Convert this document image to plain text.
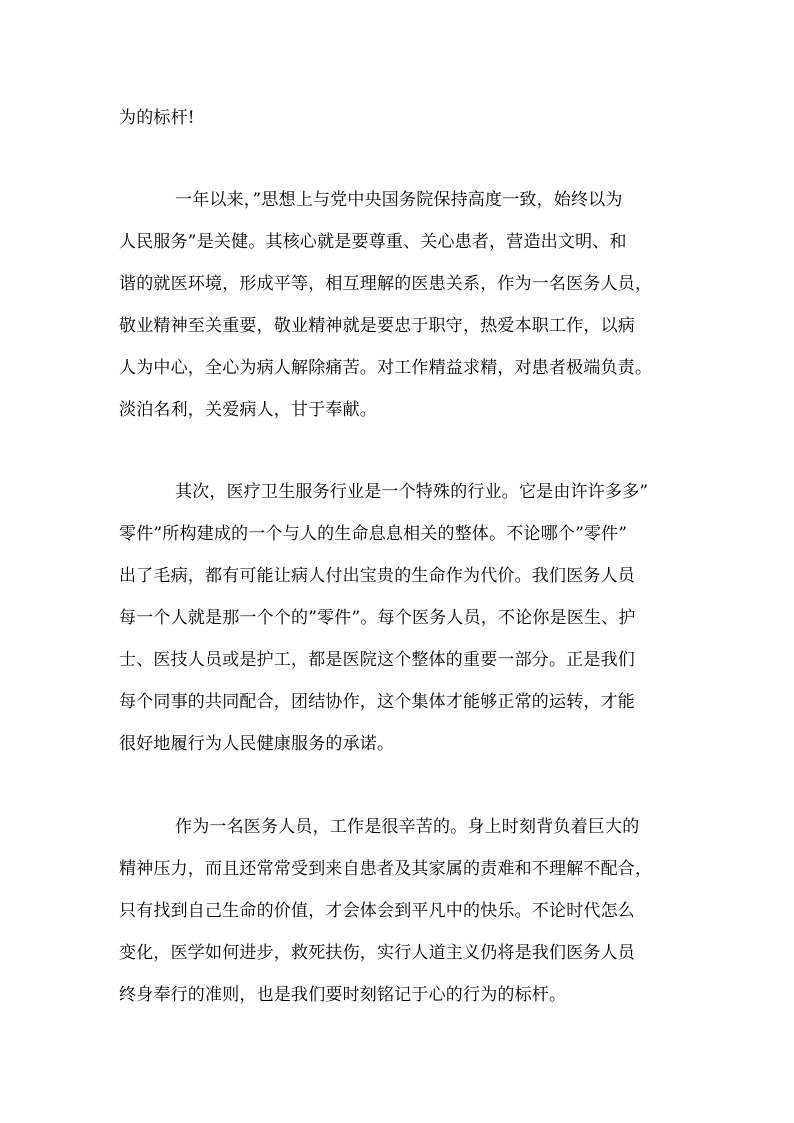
为的标杆!
一年以来，”思想上与党中央国务院保持高度一致，始终以为
人民服务”是关健。其核心就是要尊重、关心患者，营造出文明、和
谐的就医环境，形成平等，相互理解的医患关系，作为一名医务人员，
敬业精神至关重要，敬业精神就是要忠于职守，热爱本职工作，以病
人为中心，全心为病人解除痛苦。对工作精益求精，对患者极端负责。
淡泊名利，关爱病人，甘于奉献。
其次，医疗卫生服务行业是一个特殊的行业。它是由许许多多”
零件”所构建成的一个与人的生命息息相关的整体。不论哪个”零件”
出了毛病，都有可能让病人付出宝贵的生命作为代价。我们医务人员
每一个人就是那一个个的”零件”。每个医务人员，不论你是医生、护
士、医技人员或是护工，都是医院这个整体的重要一部分。正是我们
每个同事的共同配合，团结协作，这个集体才能够正常的运转，才能
很好地履行为人民健康服务的承诺。
作为一名医务人员，工作是很辛苦的。身上时刻背负着巨大的
精神压力，而且还常常受到来自患者及其家属的责难和不理解不配合，
只有找到自己生命的价值，才会体会到平凡中的快乐。不论时代怎么
变化，医学如何进步，救死扶伤，实行人道主义仍将是我们医务人员
终身奉行的准则，也是我们要时刻铭记于心的行为的标杆。
